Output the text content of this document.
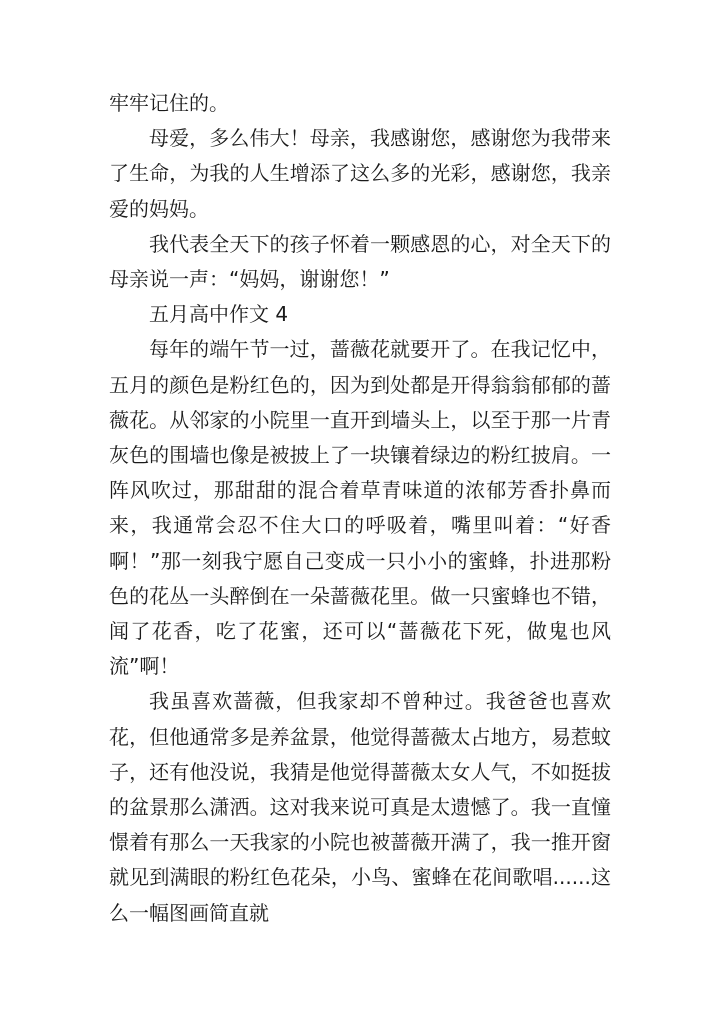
牢牢记住的。

母爱，多么伟大！母亲，我感谢您，感谢您为我带来了生命，为我的人生增添了这么多的光彩，感谢您，我亲爱的妈妈。

我代表全天下的孩子怀着一颗感恩的心，对全天下的母亲说一声：“妈妈，谢谢您！”

五月高中作文 4

每年的端午节一过，蔷薇花就要开了。在我记忆中，五月的颜色是粉红色的，因为到处都是开得翁翁郁郁的蔷薇花。从邻家的小院里一直开到墙头上，以至于那一片青灰色的围墙也像是被披上了一块镶着绿边的粉红披肩。一阵风吹过，那甜甜的混合着草青味道的浓郁芳香扑鼻而来，我通常会忍不住大口的呼吸着，嘴里叫着：“好香啊！”那一刻我宁愿自己变成一只小小的蜜蜂，扑进那粉色的花丛一头醉倒在一朵蔷薇花里。做一只蜜蜂也不错，闻了花香，吃了花蜜，还可以“蔷薇花下死，做鬼也风流”啊！

我虽喜欢蔷薇，但我家却不曾种过。我爸爸也喜欢花，但他通常多是养盆景，他觉得蔷薇太占地方，易惹蚊子，还有他没说，我猜是他觉得蔷薇太女人气，不如挺拔的盆景那么潇洒。这对我来说可真是太遗憾了。我一直憧憬着有那么一天我家的小院也被蔷薇开满了，我一推开窗就见到满眼的粉红色花朵，小鸟、蜜蜂在花间歌唱......这么一幅图画简直就
